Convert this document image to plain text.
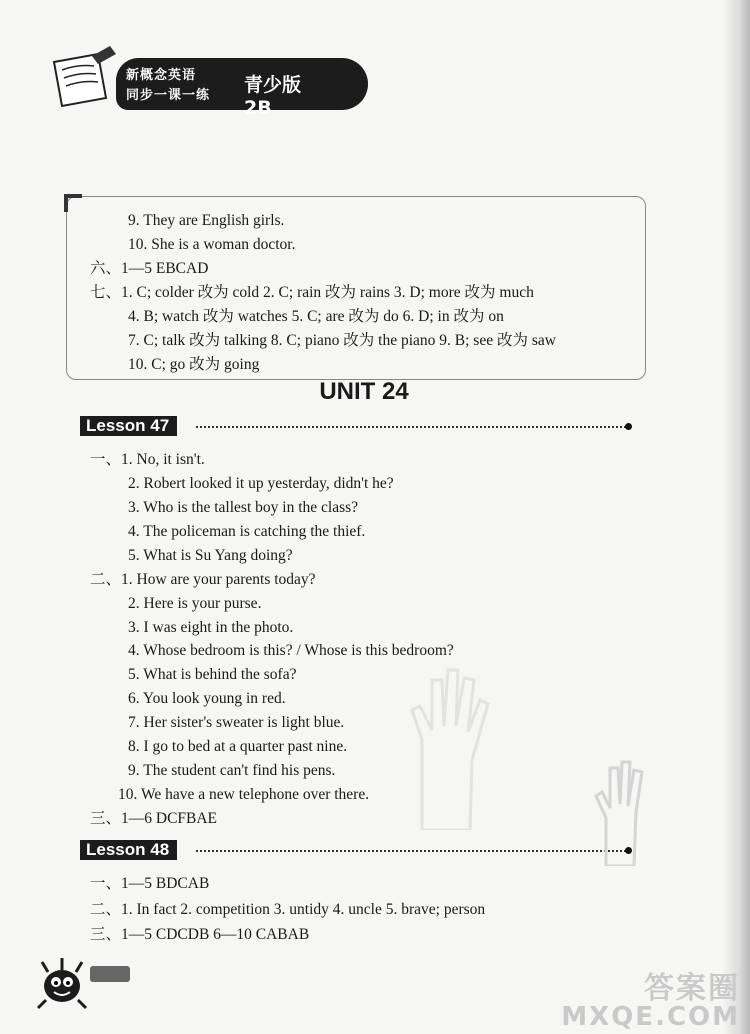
新概念英语
同步一课一练 青少版2B
9. They are English girls.
10. She is a woman doctor.
六、1—5 EBCAD
七、1. C; colder 改为 cold 2. C; rain 改为 rains 3. D; more 改为 much
4. B; watch 改为 watches 5. C; are 改为 do 6. D; in 改为 on
7. C; talk 改为 talking 8. C; piano 改为 the piano 9. B; see 改为 saw
10. C; go 改为 going
UNIT 24
Lesson 47
一、1. No, it isn't.
2. Robert looked it up yesterday, didn't he?
3. Who is the tallest boy in the class?
4. The policeman is catching the thief.
5. What is Su Yang doing?
二、1. How are your parents today?
2. Here is your purse.
3. I was eight in the photo.
4. Whose bedroom is this? / Whose is this bedroom?
5. What is behind the sofa?
6. You look young in red.
7. Her sister's sweater is light blue.
8. I go to bed at a quarter past nine.
9. The student can't find his pens.
10. We have a new telephone over there.
三、1—6 DCFBAE
Lesson 48
一、1—5 BDCAB
二、1. In fact 2. competition 3. untidy 4. uncle 5. brave; person
三、1—5 CDCDB 6—10 CABAB
答案圈
MXQE.COM
